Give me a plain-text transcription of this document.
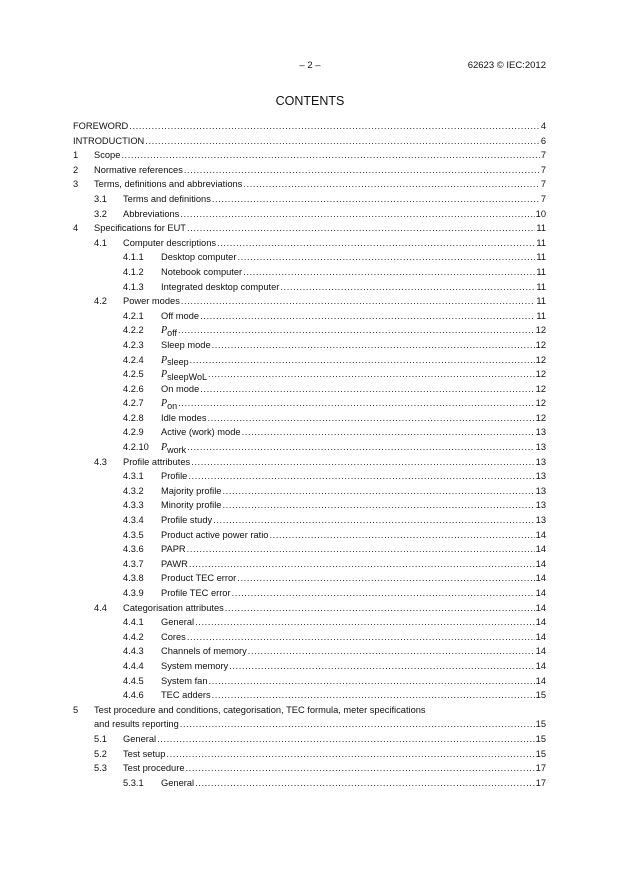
– 2 –	62623 © IEC:2012
CONTENTS
FOREWORD .....	4
INTRODUCTION .....	6
1	Scope .....	7
2	Normative references .....	7
3	Terms, definitions and abbreviations .....	7
3.1	Terms and definitions .....	7
3.2	Abbreviations .....	10
4	Specifications for EUT .....	11
4.1	Computer descriptions .....	11
4.1.1	Desktop computer .....	11
4.1.2	Notebook computer .....	11
4.1.3	Integrated desktop computer .....	11
4.2	Power modes .....	11
4.2.1	Off mode .....	11
4.2.2	Poff .....	12
4.2.3	Sleep mode .....	12
4.2.4	Psleep .....	12
4.2.5	PsleepWoL .....	12
4.2.6	On mode .....	12
4.2.7	Pon .....	12
4.2.8	Idle modes .....	12
4.2.9	Active (work) mode .....	13
4.2.10	Pwork .....	13
4.3	Profile attributes .....	13
4.3.1	Profile .....	13
4.3.2	Majority profile .....	13
4.3.3	Minority profile .....	13
4.3.4	Profile study .....	13
4.3.5	Product active power ratio .....	14
4.3.6	PAPR .....	14
4.3.7	PAWR .....	14
4.3.8	Product TEC error .....	14
4.3.9	Profile TEC error .....	14
4.4	Categorisation attributes .....	14
4.4.1	General .....	14
4.4.2	Cores .....	14
4.4.3	Channels of memory .....	14
4.4.4	System memory .....	14
4.4.5	System fan .....	14
4.4.6	TEC adders .....	15
5	Test procedure and conditions, categorisation, TEC formula, meter specifications
and results reporting .....	15
5.1	General .....	15
5.2	Test setup .....	15
5.3	Test procedure .....	17
5.3.1	General .....	17
